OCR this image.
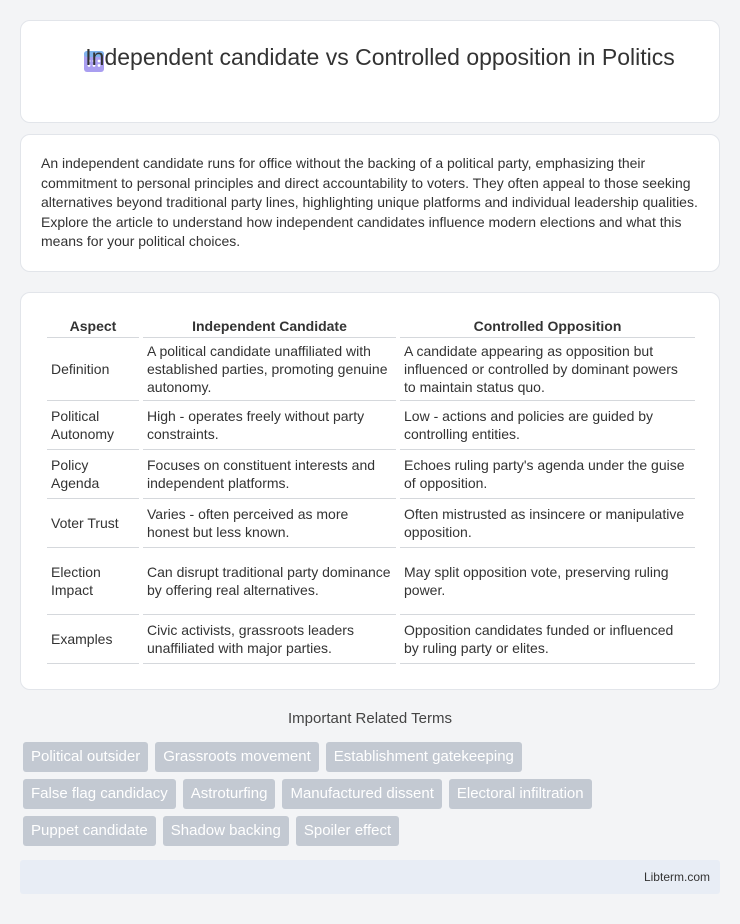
Independent candidate vs Controlled opposition in Politics

An independent candidate runs for office without the backing of a political party, emphasizing their commitment to personal principles and direct accountability to voters. They often appeal to those seeking alternatives beyond traditional party lines, highlighting unique platforms and individual leadership qualities. Explore the article to understand how independent candidates influence modern elections and what this means for your political choices.

Aspect	Independent Candidate	Controlled Opposition
Definition	A political candidate unaffiliated with established parties, promoting genuine autonomy.	A candidate appearing as opposition but influenced or controlled by dominant powers to maintain status quo.
Political Autonomy	High - operates freely without party constraints.	Low - actions and policies are guided by controlling entities.
Policy Agenda	Focuses on constituent interests and independent platforms.	Echoes ruling party's agenda under the guise of opposition.
Voter Trust	Varies - often perceived as more honest but less known.	Often mistrusted as insincere or manipulative opposition.
Election Impact	Can disrupt traditional party dominance by offering real alternatives.	May split opposition vote, preserving ruling power.
Examples	Civic activists, grassroots leaders unaffiliated with major parties.	Opposition candidates funded or influenced by ruling party or elites.
Important Related Terms
Political outsider	Grassroots movement	Establishment gatekeeping
False flag candidacy	Astroturfing	Manufactured dissent	Electoral infiltration
Puppet candidate	Shadow backing	Spoiler effect
Libterm.com
